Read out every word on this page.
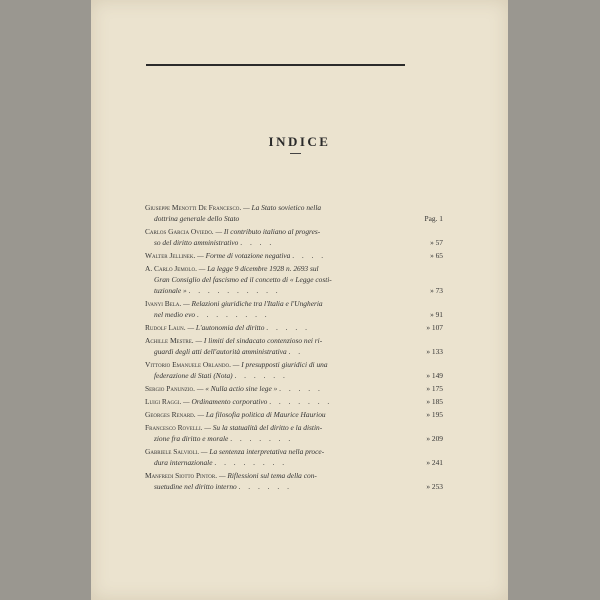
INDICE
Giuseppe Menotti De Francesco. — La Stato sovietico nella
dottrina generale dello Stato	Pag. 1
Carlos Garcia Oviedo. — Il contributo italiano al progres-
so del diritto amministrativo . . . .	» 57
Walter Jellinek. — Forme di votazione negativa . . . .	» 65
A. Carlo Jemolo. — La legge 9 dicembre 1928 n. 2693 sul
Gran Consiglio del fascismo ed il concetto di « Legge costi-
tuzionale » . . . . . . . . . .	» 73
Ivanyi Bela. — Relazioni giuridiche tra l'Italia e l'Ungheria
nel medio evo . . . . . . . .	» 91
Rudolf Laun. — L'autonomia del diritto . . . . .	» 107
Achille Mestre. — I limiti del sindacato contenzioso nei ri-
guardi degli atti dell'autorità amministrativa . .	» 133
Vittorio Emanuele Orlando. — I presupposti giuridici di una
federazione di Stati (Nota) . . . . . .	» 149
Sergio Panunzio. — « Nulla actio sine lege » . . . . .	» 175
Luigi Raggi. — Ordinamento corporativo . . . . . . .	» 185
Georges Renard. — La filosofia politica di Maurice Hauriou	» 195
Francesco Rovelli. — Su la statualità del diritto e la distin-
zione fra diritto e morale . . . . . . .	» 209
Gabriele Salvioli. — La sentenza interpretativa nella proce-
dura internazionale . . . . . . . .	» 241
Manfredi Siotto Pintor. — Riflessioni sul tema della con-
suetudine nel diritto interno . . . . . .	» 253
